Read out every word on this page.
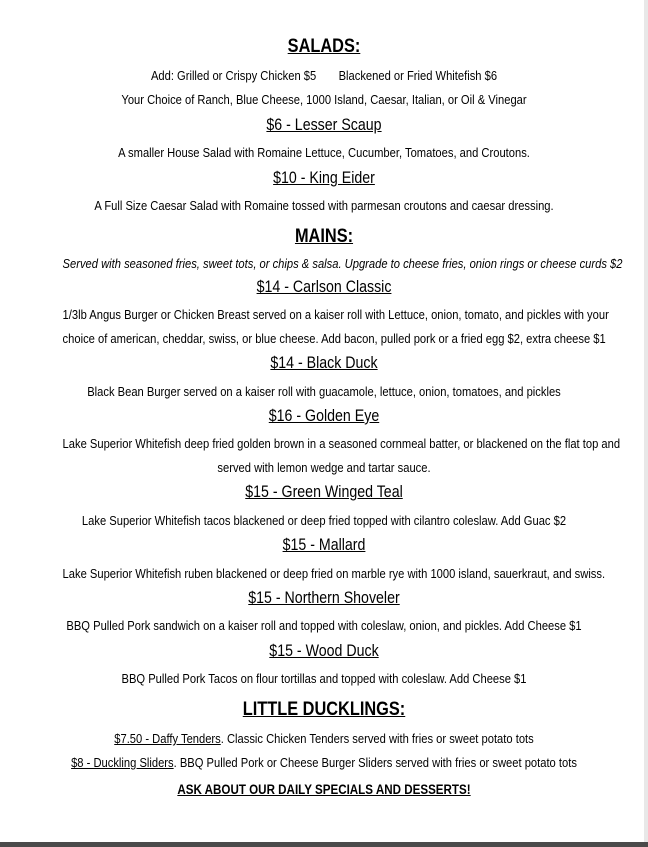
SALADS:
Add: Grilled or Crispy Chicken $5 Blackened or Fried Whitefish $6
Your Choice of Ranch, Blue Cheese, 1000 Island, Caesar, Italian, or Oil & Vinegar
$6 - Lesser Scaup
A smaller House Salad with Romaine Lettuce, Cucumber, Tomatoes, and Croutons.
$10 - King Eider
A Full Size Caesar Salad with Romaine tossed with parmesan croutons and caesar dressing.
MAINS:
Served with seasoned fries, sweet tots, or chips & salsa. Upgrade to cheese fries, onion rings or cheese curds $2
$14 - Carlson Classic
1/3lb Angus Burger or Chicken Breast served on a kaiser roll with Lettuce, onion, tomato, and pickles with your
choice of american, cheddar, swiss, or blue cheese. Add bacon, pulled pork or a fried egg $2, extra cheese $1
$14 - Black Duck
Black Bean Burger served on a kaiser roll with guacamole, lettuce, onion, tomatoes, and pickles
$16 - Golden Eye
Lake Superior Whitefish deep fried golden brown in a seasoned cornmeal batter, or blackened on the flat top and
served with lemon wedge and tartar sauce.
$15 - Green Winged Teal
Lake Superior Whitefish tacos blackened or deep fried topped with cilantro coleslaw. Add Guac $2
$15 - Mallard
Lake Superior Whitefish ruben blackened or deep fried on marble rye with 1000 island, sauerkraut, and swiss.
$15 - Northern Shoveler
BBQ Pulled Pork sandwich on a kaiser roll and topped with coleslaw, onion, and pickles. Add Cheese $1
$15 - Wood Duck
BBQ Pulled Pork Tacos on flour tortillas and topped with coleslaw. Add Cheese $1
LITTLE DUCKLINGS:
$7.50 - Daffy Tenders. Classic Chicken Tenders served with fries or sweet potato tots
$8 - Duckling Sliders. BBQ Pulled Pork or Cheese Burger Sliders served with fries or sweet potato tots
ASK ABOUT OUR DAILY SPECIALS AND DESSERTS!
